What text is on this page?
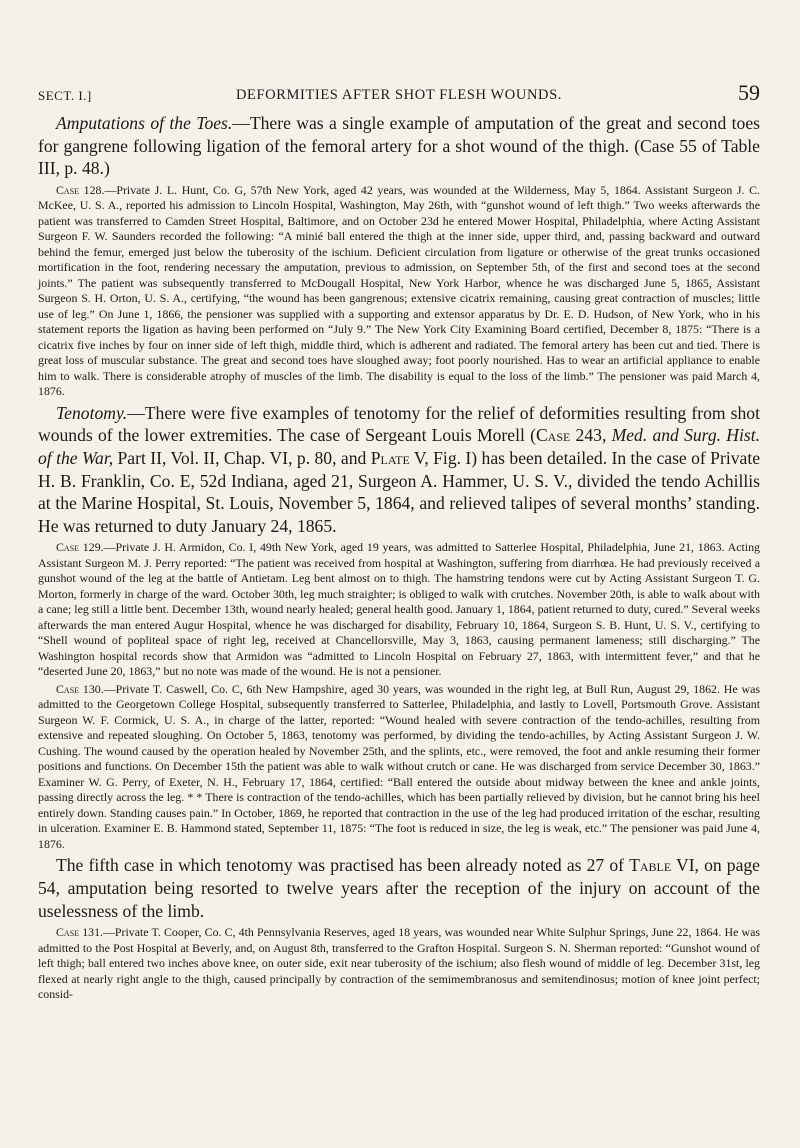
SECT. I.]	DEFORMITIES AFTER SHOT FLESH WOUNDS.	59

Amputations of the Toes.—There was a single example of amputation of the great and second toes for gangrene following ligation of the femoral artery for a shot wound of the thigh. (Case 55 of Table III, p. 48.)

Case 128.—Private J. L. Hunt, Co. G, 57th New York, aged 42 years, was wounded at the Wilderness, May 5, 1864. Assistant Surgeon J. C. McKee, U. S. A., reported his admission to Lincoln Hospital, Washington, May 26th, with “gunshot wound of left thigh.” Two weeks afterwards the patient was transferred to Camden Street Hospital, Baltimore, and on October 23d he entered Mower Hospital, Philadelphia, where Acting Assistant Surgeon F. W. Saunders recorded the following: “A minié ball entered the thigh at the inner side, upper third, and, passing backward and outward behind the femur, emerged just below the tuberosity of the ischium. Deficient circulation from ligature or otherwise of the great trunks occasioned mortification in the foot, rendering necessary the amputation, previous to admission, on September 5th, of the first and second toes at the second joints.” The patient was subsequently transferred to McDougall Hospital, New York Harbor, whence he was discharged June 5, 1865, Assistant Surgeon S. H. Orton, U. S. A., certifying, “the wound has been gangrenous; extensive cicatrix remaining, causing great contraction of muscles; little use of leg.” On June 1, 1866, the pensioner was supplied with a supporting and extensor apparatus by Dr. E. D. Hudson, of New York, who in his statement reports the ligation as having been performed on “July 9.” The New York City Examining Board certified, December 8, 1875: “There is a cicatrix five inches by four on inner side of left thigh, middle third, which is adherent and radiated. The femoral artery has been cut and tied. There is great loss of muscular substance. The great and second toes have sloughed away; foot poorly nourished. Has to wear an artificial appliance to enable him to walk. There is considerable atrophy of muscles of the limb. The disability is equal to the loss of the limb.” The pensioner was paid March 4, 1876.

Tenotomy.—There were five examples of tenotomy for the relief of deformities resulting from shot wounds of the lower extremities. The case of Sergeant Louis Morell (Case 243, Med. and Surg. Hist. of the War, Part II, Vol. II, Chap. VI, p. 80, and Plate V, Fig. I) has been detailed. In the case of Private H. B. Franklin, Co. E, 52d Indiana, aged 21, Surgeon A. Hammer, U. S. V., divided the tendo Achillis at the Marine Hospital, St. Louis, November 5, 1864, and relieved talipes of several months’ standing. He was returned to duty January 24, 1865.

Case 129.—Private J. H. Armidon, Co. I, 49th New York, aged 19 years, was admitted to Satterlee Hospital, Philadelphia, June 21, 1863. Acting Assistant Surgeon M. J. Perry reported: “The patient was received from hospital at Washington, suffering from diarrhœa. He had previously received a gunshot wound of the leg at the battle of Antietam. Leg bent almost on to thigh. The hamstring tendons were cut by Acting Assistant Surgeon T. G. Morton, formerly in charge of the ward. October 30th, leg much straighter; is obliged to walk with crutches. November 20th, is able to walk about with a cane; leg still a little bent. December 13th, wound nearly healed; general health good. January 1, 1864, patient returned to duty, cured.” Several weeks afterwards the man entered Augur Hospital, whence he was discharged for disability, February 10, 1864, Surgeon S. B. Hunt, U. S. V., certifying to “Shell wound of popliteal space of right leg, received at Chancellorsville, May 3, 1863, causing permanent lameness; still discharging.” The Washington hospital records show that Armidon was “admitted to Lincoln Hospital on February 27, 1863, with intermittent fever,” and that he “deserted June 20, 1863,” but no note was made of the wound. He is not a pensioner.

Case 130.—Private T. Caswell, Co. C, 6th New Hampshire, aged 30 years, was wounded in the right leg, at Bull Run, August 29, 1862. He was admitted to the Georgetown College Hospital, subsequently transferred to Satterlee, Philadelphia, and lastly to Lovell, Portsmouth Grove. Assistant Surgeon W. F. Cormick, U. S. A., in charge of the latter, reported: “Wound healed with severe contraction of the tendo-achilles, resulting from extensive and repeated sloughing. On October 5, 1863, tenotomy was performed, by dividing the tendo-achilles, by Acting Assistant Surgeon J. W. Cushing. The wound caused by the operation healed by November 25th, and the splints, etc., were removed, the foot and ankle resuming their former positions and functions. On December 15th the patient was able to walk without crutch or cane. He was discharged from service December 30, 1863.” Examiner W. G. Perry, of Exeter, N. H., February 17, 1864, certified: “Ball entered the outside about midway between the knee and ankle joints, passing directly across the leg. * * There is contraction of the tendo-achilles, which has been partially relieved by division, but he cannot bring his heel entirely down. Standing causes pain.” In October, 1869, he reported that contraction in the use of the leg had produced irritation of the eschar, resulting in ulceration. Examiner E. B. Hammond stated, September 11, 1875: “The foot is reduced in size, the leg is weak, etc.” The pensioner was paid June 4, 1876.

The fifth case in which tenotomy was practised has been already noted as 27 of Table VI, on page 54, amputation being resorted to twelve years after the reception of the injury on account of the uselessness of the limb.

Case 131.—Private T. Cooper, Co. C, 4th Pennsylvania Reserves, aged 18 years, was wounded near White Sulphur Springs, June 22, 1864. He was admitted to the Post Hospital at Beverly, and, on August 8th, transferred to the Grafton Hospital. Surgeon S. N. Sherman reported: “Gunshot wound of left thigh; ball entered two inches above knee, on outer side, exit near tuberosity of the ischium; also flesh wound of middle of leg. December 31st, leg flexed at nearly right angle to the thigh, caused principally by contraction of the semimembranosus and semitendinosus; motion of knee joint perfect; consid-
